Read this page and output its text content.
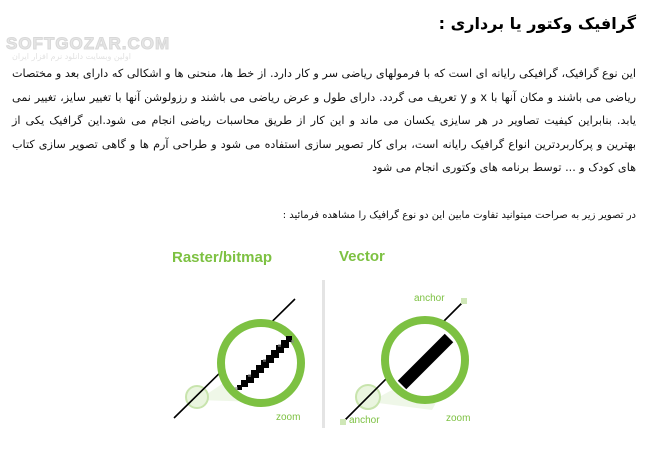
SOFTGOZAR.COM
اولین وبسایت دانلود نرم افزار ایران
گرافیک وکتور یا برداری :
این نوع گرافیک، گرافیکی رایانه ای است که با فرمولهای ریاضی سر و کار دارد. از خط ها، منحنی ها و اشکالی که دارای بعد و مختصات ریاضی می باشند و مکان آنها با x و y تعریف می گردد. دارای طول و عرض ریاضی می باشند و رزولوشن آنها با تغییر سایز، تغییر نمی یابد. بنابراین کیفیت تصاویر در هر سایزی یکسان می ماند و این کار از طریق محاسبات ریاضی انجام می شود.این گرافیک یکی از بهترین و پرکاربردترین انواع گرافیک رایانه است، برای کار تصویر سازی استفاده می شود و طراحی آرم ها و گاهی تصویر سازی کتاب های کودک و ... توسط برنامه های وکتوری انجام می شود
در تصویر زیر به صراحت میتوانید تفاوت مابین این دو نوع گرافیک را مشاهده فرمائید :
Raster/bitmap
zoom
Vector
anchor
anchor	zoom
